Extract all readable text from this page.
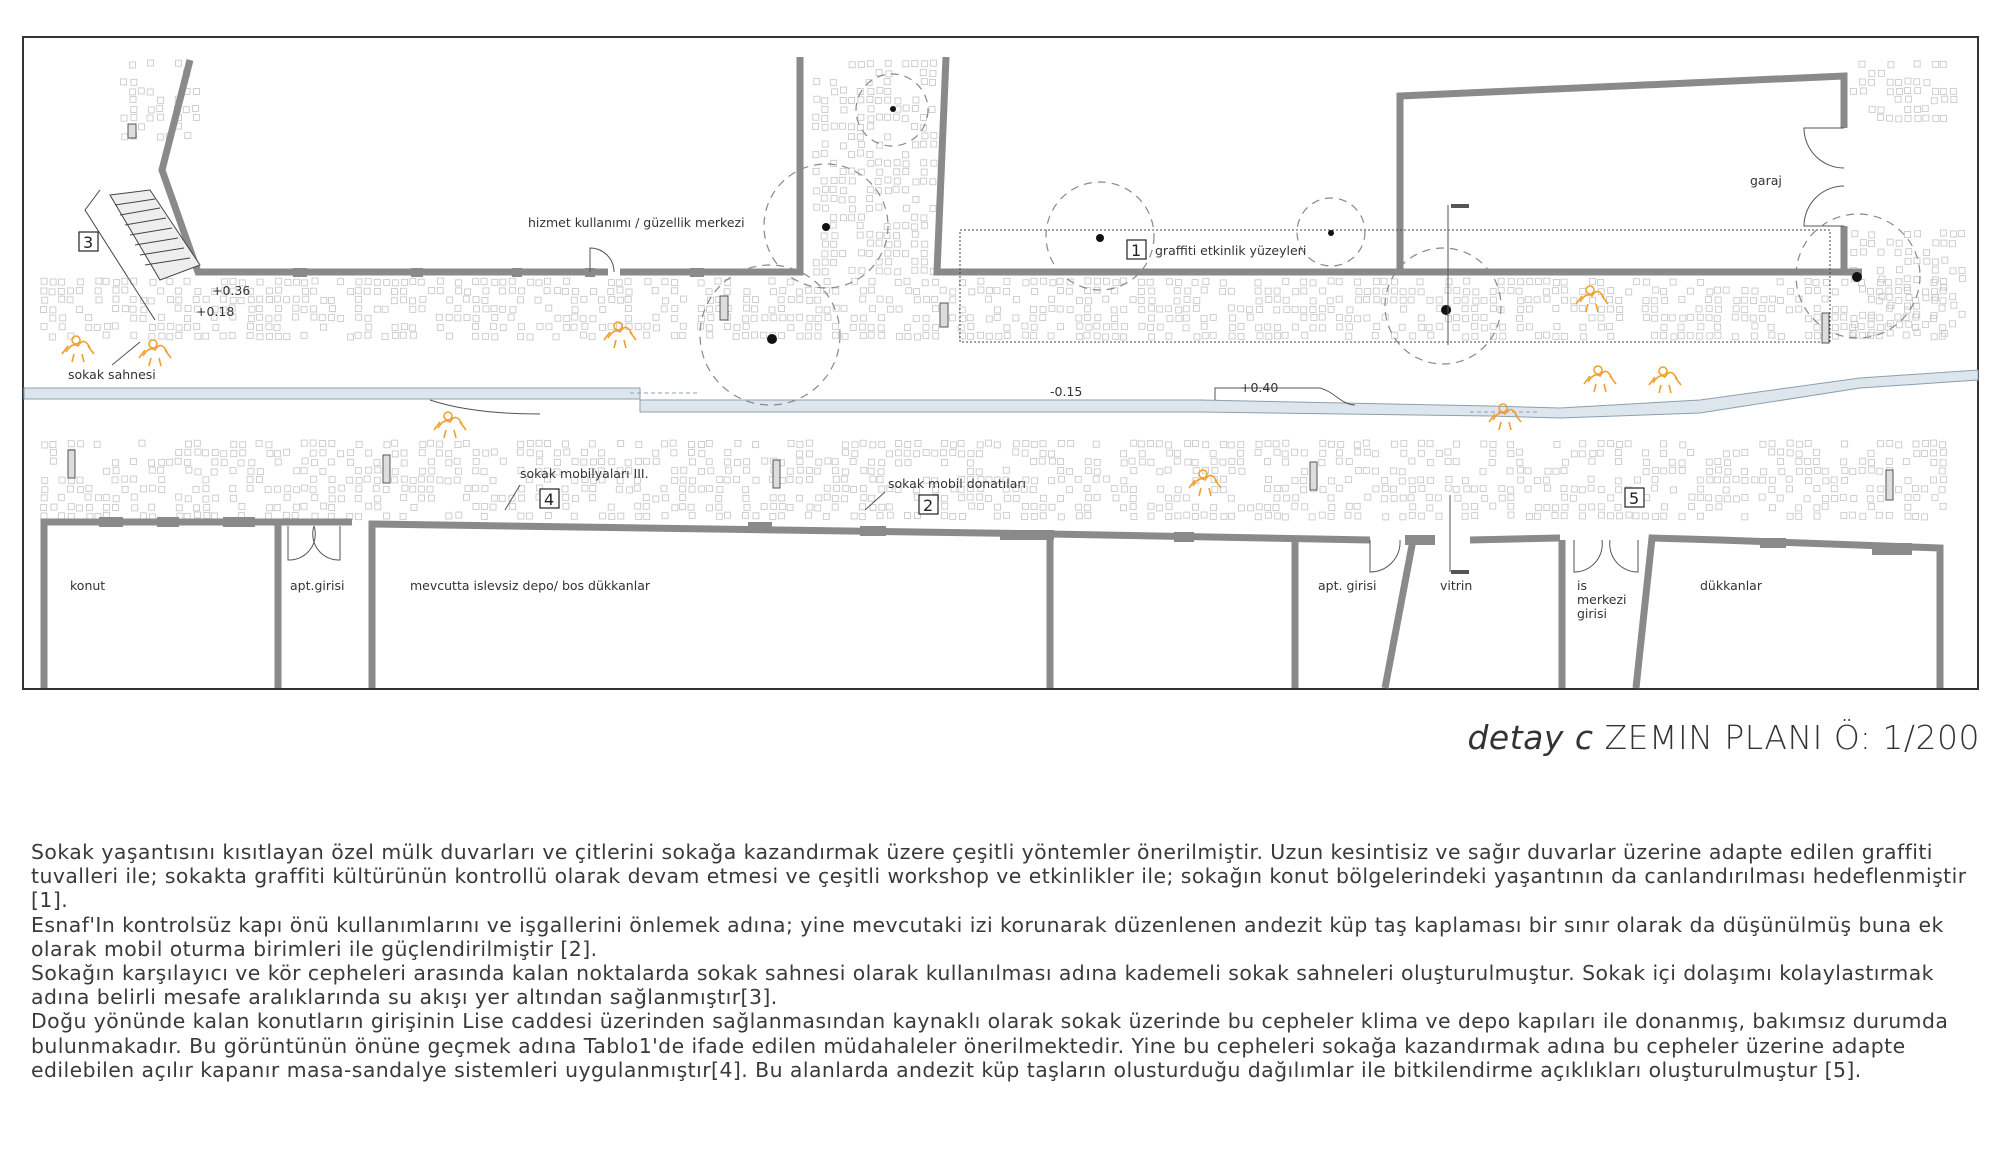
hizmet kullanımı / güzellik merkezi
graffiti etkinlik yüzeyleri
garaj
sokak sahnesi
sokak mobilyaları III.
sokak mobil donatıları
konut	apt.girisi	mevcutta islevsiz depo/ bos dükkanlar	apt. girisi	vitrin	is
merkezi
girisi
dükkanlar
+0.36
+0.18
-0.15	+0.40
1
2
3
4	5
detay c ZEMIN PLANI Ö: 1/200

Sokak yaşantısını kısıtlayan özel mülk duvarları ve çitlerini sokağa kazandırmak üzere çeşitli yöntemler önerilmiştir. Uzun kesintisiz ve sağır duvarlar üzerine adapte edilen graffiti tuvalleri ile; sokakta graffiti kültürünün kontrollü olarak devam etmesi ve çeşitli workshop ve etkinlikler ile; sokağın konut bölgelerindeki yaşantının da canlandırılması hedeflenmiştir [1].

Esnaf'In kontrolsüz kapı önü kullanımlarını ve işgallerini önlemek adına; yine mevcutaki izi korunarak düzenlenen andezit küp taş kaplaması bir sınır olarak da düşünülmüş buna ek olarak mobil oturma birimleri ile güçlendirilmiştir [2].

Sokağın karşılayıcı ve kör cepheleri arasında kalan noktalarda sokak sahnesi olarak kullanılması adına kademeli sokak sahneleri oluşturulmuştur. Sokak içi dolaşımı kolaylastırmak adına belirli mesafe aralıklarında su akışı yer altından sağlanmıştır[3].

Doğu yönünde kalan konutların girişinin Lise caddesi üzerinden sağlanmasından kaynaklı olarak sokak üzerinde bu cepheler klima ve depo kapıları ile donanmış, bakımsız durumda bulunmakadır. Bu görüntünün önüne geçmek adına Tablo1'de ifade edilen müdahaleler önerilmektedir. Yine bu cepheleri sokağa kazandırmak adına bu cepheler üzerine adapte edilebilen açılır kapanır masa-sandalye sistemleri uygulanmıştır[4]. Bu alanlarda andezit küp taşların olusturduğu dağılımlar ile bitkilendirme açıklıkları oluşturulmuştur [5].
